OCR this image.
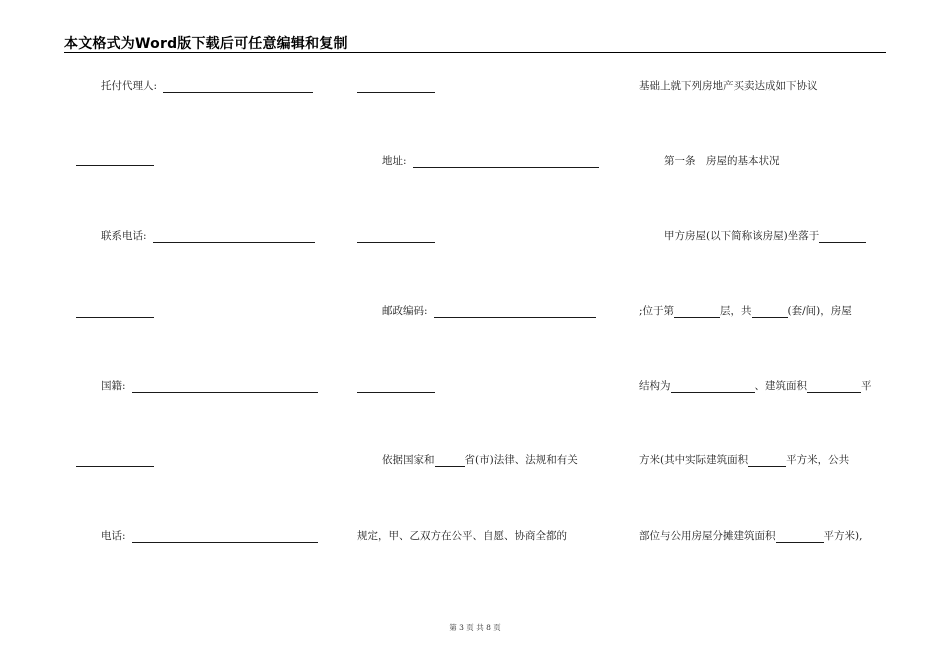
本文格式为Word版下载后可任意编辑和复制
托付代理人:
联系电话:
国籍:
电话:
地址:
邮政编码:
依据国家和	省(市)法律、法规和有关
规定，甲、乙双方在公平、自愿、协商全都的
基础上就下列房地产买卖达成如下协议
第一条　房屋的基本状况
甲方房屋(以下简称该房屋)坐落于
;位于第	层，共	(套/间)，房屋
结构为	、建筑面积	平
方米(其中实际建筑面积	平方米，公共
部位与公用房屋分摊建筑面积	平方米),
第 3 页 共 8 页
